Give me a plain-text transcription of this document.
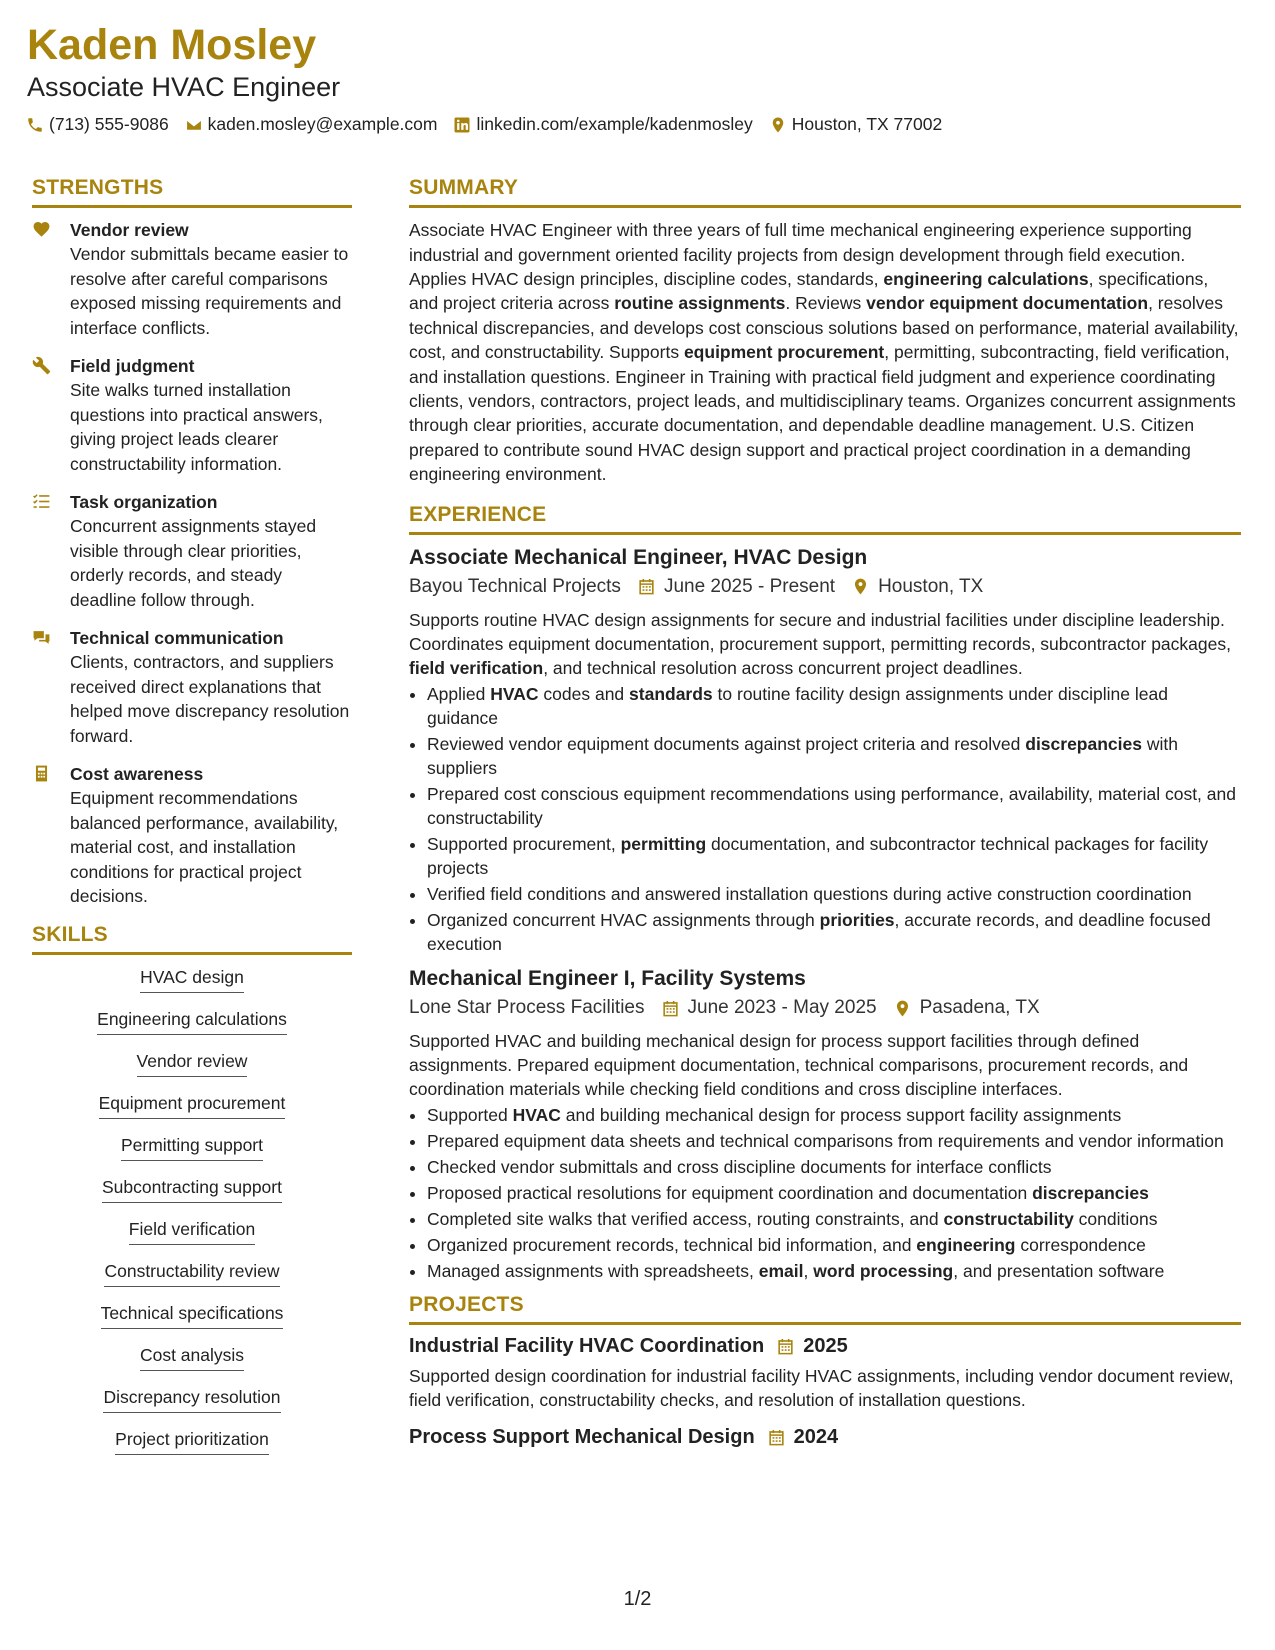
Kaden Mosley
Associate HVAC Engineer
(713) 555-9086 kaden.mosley@example.com linkedin.com/example/kadenmosley Houston, TX 77002
STRENGTHS
Vendor review
Vendor submittals became easier to resolve after careful comparisons exposed missing requirements and interface conflicts.
Field judgment
Site walks turned installation questions into practical answers, giving project leads clearer constructability information.
Task organization
Concurrent assignments stayed visible through clear priorities, orderly records, and steady deadline follow through.
Technical communication
Clients, contractors, and suppliers received direct explanations that helped move discrepancy resolution forward.
Cost awareness
Equipment recommendations balanced performance, availability, material cost, and installation conditions for practical project decisions.
SKILLS
HVAC design
Engineering calculations
Vendor review
Equipment procurement
Permitting support
Subcontracting support
Field verification
Constructability review
Technical specifications
Cost analysis
Discrepancy resolution
Project prioritization
SUMMARY
Associate HVAC Engineer with three years of full time mechanical engineering experience supporting industrial and government oriented facility projects from design development through field execution. Applies HVAC design principles, discipline codes, standards, engineering calculations, specifications, and project criteria across routine assignments. Reviews vendor equipment documentation, resolves technical discrepancies, and develops cost conscious solutions based on performance, material availability, cost, and constructability. Supports equipment procurement, permitting, subcontracting, field verification, and installation questions. Engineer in Training with practical field judgment and experience coordinating clients, vendors, contractors, project leads, and multidisciplinary teams. Organizes concurrent assignments through clear priorities, accurate documentation, and dependable deadline management. U.S. Citizen prepared to contribute sound HVAC design support and practical project coordination in a demanding engineering environment.
EXPERIENCE
Associate Mechanical Engineer, HVAC Design
Bayou Technical Projects June 2025 - Present Houston, TX
Supports routine HVAC design assignments for secure and industrial facilities under discipline leadership. Coordinates equipment documentation, procurement support, permitting records, subcontractor packages, field verification, and technical resolution across concurrent project deadlines.
• Applied HVAC codes and standards to routine facility design assignments under discipline lead guidance
• Reviewed vendor equipment documents against project criteria and resolved discrepancies with suppliers
• Prepared cost conscious equipment recommendations using performance, availability, material cost, and constructability
• Supported procurement, permitting documentation, and subcontractor technical packages for facility projects
• Verified field conditions and answered installation questions during active construction coordination
• Organized concurrent HVAC assignments through priorities, accurate records, and deadline focused execution
Mechanical Engineer I, Facility Systems
Lone Star Process Facilities June 2023 - May 2025 Pasadena, TX
Supported HVAC and building mechanical design for process support facilities through defined assignments. Prepared equipment documentation, technical comparisons, procurement records, and coordination materials while checking field conditions and cross discipline interfaces.
• Supported HVAC and building mechanical design for process support facility assignments
• Prepared equipment data sheets and technical comparisons from requirements and vendor information
• Checked vendor submittals and cross discipline documents for interface conflicts
• Proposed practical resolutions for equipment coordination and documentation discrepancies
• Completed site walks that verified access, routing constraints, and constructability conditions
• Organized procurement records, technical bid information, and engineering correspondence
• Managed assignments with spreadsheets, email, word processing, and presentation software
PROJECTS
Industrial Facility HVAC Coordination 2025
Supported design coordination for industrial facility HVAC assignments, including vendor document review, field verification, constructability checks, and resolution of installation questions.
Process Support Mechanical Design 2024
1/2
